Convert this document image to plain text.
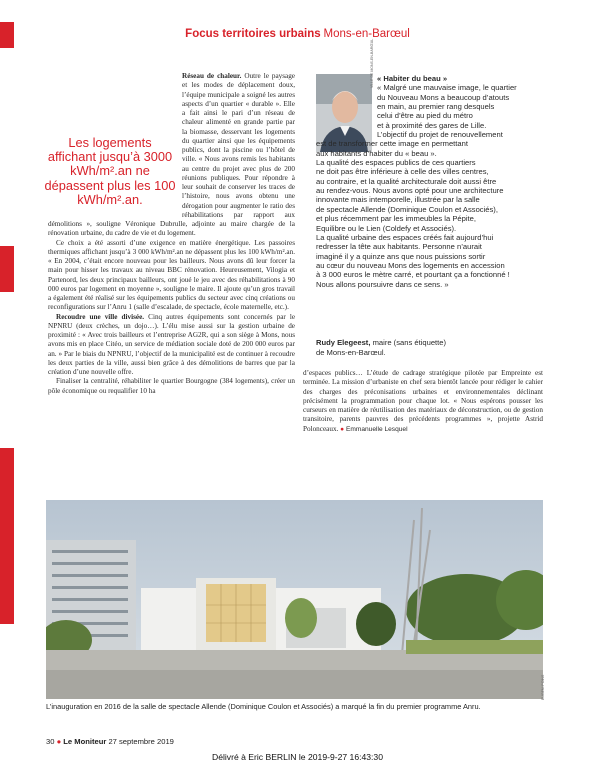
Focus territoires urbains Mons-en-Barœul

Réseau de chaleur. Outre le paysage et les modes de déplacement doux, l’équipe municipale a soigné les autres aspects d’un quartier « durable ». Elle a fait ainsi le pari d’un réseau de chaleur alimenté en grande partie par la biomasse, desservant les logements du quartier ainsi que les équipements publics, dont la piscine ou l’hôtel de ville. « Nous avons remis les habitants au centre du projet avec plus de 200 réunions publiques. Pour répondre à leur souhait de conserver les traces de l’histoire, nous avons obtenu une dérogation pour augmenter le ratio des réhabilitations par rapport aux démolitions », souligne Véronique Dubrulle, adjointe au maire chargée de la rénovation urbaine, du cadre de vie et du logement.

Ce choix a été assorti d’une exigence en matière énergétique. Les passoires thermiques affichant jusqu’à 3 000 kWh/m².an ne dépassent plus les 100 kWh/m².an. « En 2004, c’était encore nouveau pour les bailleurs. Nous avons dû leur forcer la main pour hisser les travaux au niveau BBC rénovation. Heureusement, Vilogia et Partenord, les deux principaux bailleurs, ont joué le jeu avec des réhabilitations à 90 000 euros par logement en moyenne », souligne le maire. Il ajoute qu’un gros travail a également été réalisé sur les équipements publics du secteur avec cinq créations ou reconfigurations sur l’Anru 1 (salle d’escalade, de spectacle, école maternelle, etc.).

Recoudre une ville divisée. Cinq autres équipements sont concernés par le NPNRU (deux crèches, un dojo…). L’élu mise aussi sur la gestion urbaine de proximité : « Avec trois bailleurs et l’entreprise AG2R, qui a son siège à Mons, nous avons mis en place Citéo, un service de médiation sociale doté de 200 000 euros par an. » Par le biais du NPNRU, l’objectif de la municipalité est de continuer à recoudre les deux parties de la ville, aussi bien grâce à des démolitions de barres que par la création d’une nouvelle offre.

Finaliser la centralité, réhabiliter le quartier Bourgogne (384 logements), créer un pôle économique ou requalifier 10 ha

Les logements affichant jusqu’à 3000 kWh/m².an ne dépassent plus les 100 kWh/m².an.
VILLE DE MONS-EN-BARŒUL « Habiter du beau »
« Malgré une mauvaise image, le quartier
du Nouveau Mons a beaucoup d’atouts
en main, au premier rang desquels
celui d’être au pied du métro
et à proximité des gares de Lille.
L’objectif du projet de renouvellement
est de transformer cette image en permettant
aux habitants d’habiter du « beau ».
La qualité des espaces publics de ces quartiers
ne doit pas être inférieure à celle des villes centres,
au contraire, et la qualité architecturale doit aussi être
au rendez-vous. Nous avons opté pour une architecture
innovante mais intemporelle, illustrée par la salle
de spectacle Allende (Dominique Coulon et Associés),
et plus récemment par les immeubles la Pépite,
Equilibre ou le Lien (Coldefy et Associés).
La qualité urbaine des espaces créés fait aujourd’hui
redresser la tête aux habitants. Personne n’aurait
imaginé il y a quinze ans que nous puissions sortir
au cœur du nouveau Mons des logements en accession
à 3 000 euros le mètre carré, et pourtant ça a fonctionné !
Nous allons poursuivre dans ce sens. »
Rudy Elegeest, maire (sans étiquette)
de Mons-en-Barœul.

d’espaces publics… L’étude de cadrage stratégique pilotée par Empreinte est terminée. La mission d’urbaniste en chef sera bientôt lancée pour rédiger le cahier des charges des préconisations urbaines et environnementales déclinant précisément la programmation pour chaque lot. « Nous espérons pousser les curseurs en matière de réutilisation des matériaux de déconstruction, ou de gestion transitoire, parents pauvres des précédents programmes », projette Astrid Polonceaux. ● Emmanuelle Lesquel

EUGENI POINS
L’inauguration en 2016 de la salle de spectacle Allende (Dominique Coulon et Associés) a marqué la fin du premier programme Anru.
30 ● Le Moniteur 27 septembre 2019
Délivré à Eric BERLIN le 2019-9-27 16:43:30
